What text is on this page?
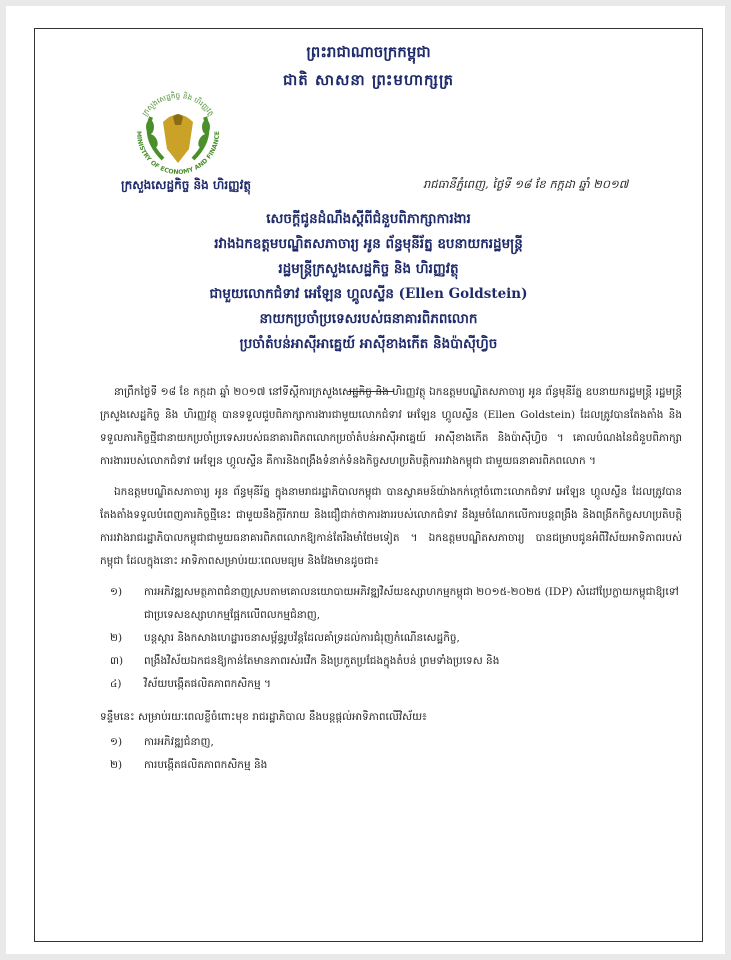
ព្រះរាជាណាចក្រកម្ពុជា
ជាតិ សាសនា ព្រះមហាក្សត្រ
ក្រសួងសេដ្ឋកិច្ច និង ហិរញ្ញវត្ថុ
MINISTRY OF ECONOMY AND FINANCE
ក្រសួងសេដ្ឋកិច្ច និង ហិរញ្ញវត្ថុ	រាជធានីភ្នំពេញ, ថ្ងៃទី ១៨ ខែ កក្កដា ឆ្នាំ ២០១៧
សេចក្តីជូនដំណឹងស្តីពីជំនួបពិភាក្សាការងារ
រវាងឯកឧត្តមបណ្ឌិតសភាចារ្យ អូន ព័ន្ធមុនីរ័ត្ន ឧបនាយករដ្ឋមន្ត្រី
រដ្ឋមន្ត្រីក្រសួងសេដ្ឋកិច្ច និង ហិរញ្ញវត្ថុ
ជាមួយលោកជំទាវ អេឡែន ហ្គូលស្ទីន (Ellen Goldstein)
នាយកប្រចាំប្រទេសរបស់ធនាគារពិភពលោក
ប្រចាំតំបន់អាស៊ីអាគ្នេយ៍ អាស៊ីខាងកើត និងប៉ាស៊ីហ្វិច

នាព្រឹកថ្ងៃទី ១៨ ខែ កក្កដា ឆ្នាំ ២០១៧ នៅទីស្តីការក្រសួងសេដ្ឋកិច្ច និង ហិរញ្ញវត្ថុ ឯកឧត្តមបណ្ឌិតសភាចារ្យ អូន ព័ន្ធមុនីរ័ត្ន ឧបនាយករដ្ឋមន្ត្រី រដ្ឋមន្ត្រីក្រសួងសេដ្ឋកិច្ច និង ហិរញ្ញវត្ថុ បានទទួលជួបពិភាក្សាការងារជាមួយលោកជំទាវ អេឡែន ហ្គូលស្ទីន (Ellen Goldstein) ដែលត្រូវបានតែងតាំង និងទទួលភារកិច្ចថ្មីជានាយកប្រចាំប្រទេសរបស់ធនាគារពិភពលោកប្រចាំតំបន់អាស៊ីអាគ្នេយ៍ អាស៊ីខាងកើត និងប៉ាស៊ីហ្វិច ។ គោលបំណងនៃជំនួបពិភាក្សាការងាររបស់លោកជំទាវ អេឡែន ហ្គូលស្ទីន គឺការនិងពង្រឹងទំនាក់ទំនងកិច្ចសហប្រតិបត្តិការរវាងកម្ពុជា ជាមួយធនាគារពិភពលោក ។

ឯកឧត្តមបណ្ឌិតសភាចារ្យ អូន ព័ន្ធមុនីរ័ត្ន ក្នុងនាមរាជរដ្ឋាភិបាលកម្ពុជា បានស្វាគមន៍យ៉ាងកក់ក្តៅចំពោះលោកជំទាវ អេឡែន ហ្គូលស្ទីន ដែលត្រូវបានតែងតាំងទទួលបំពេញភារកិច្ចថ្មីនេះ ជាមួយនឹងក្តីរីករាយ និងជឿជាក់ថាការងាររបស់លោកជំទាវ នឹងរួមចំណែកលើការបន្តពង្រឹង និងពង្រីកកិច្ចសហប្រតិបត្តិការរវាងរាជរដ្ឋាភិបាលកម្ពុជាជាមួយធនាគារពិភពលោកឱ្យកាន់តែរឹងមាំថែមទៀត ។ ឯកឧត្តមបណ្ឌិតសភាចារ្យ បានជម្រាបជូនអំពីវិស័យអាទិភាពរបស់កម្ពុជា ដែលក្នុងនោះ អាទិភាពសម្រាប់រយៈពេលមធ្យម និងវែងមានដូចជា៖

១)	ការអភិវឌ្ឍសមត្ថភាពជំនាញស្របតាមគោលនយោបាយអភិវឌ្ឍវិស័យឧស្សាហកម្មកម្ពុជា ២០១៥-២០២៥ (IDP) សំដៅប្រែក្លាយកម្ពុជាឱ្យទៅជាប្រទេសឧស្សាហកម្មផ្អែកលើពលកម្មជំនាញ,
២)	បន្តស្តារ និងកសាងហេដ្ឋារចនាសម្ព័ន្ធរូបវ័ន្តដែលគាំទ្រដល់ការជំរុញកំណើនសេដ្ឋកិច្ច,
៣)	ពង្រឹងវិស័យឯកជនឱ្យកាន់តែមានភាពរស់រវើក និងប្រកួតប្រជែងក្នុងតំបន់ ព្រមទាំងប្រទេស និង
៤)	វិស័យបង្កើតផលិតភាពកសិកម្ម ។
ទន្ទឹមនេះ សម្រាប់រយៈពេលខ្លីចំពោះមុខ រាជរដ្ឋាភិបាល នឹងបន្តផ្តល់អាទិភាពលើវិស័យ៖
១)	ការអភិវឌ្ឍជំនាញ,
២)	ការបង្កើតផលិតភាពកសិកម្ម និង
